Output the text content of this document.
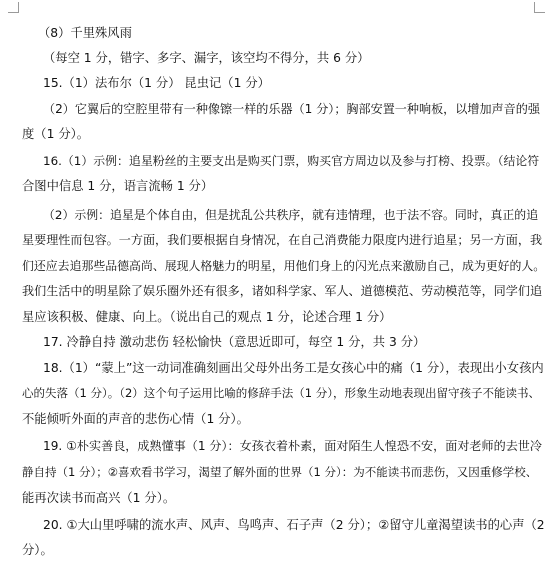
（8）千里殊风雨
（每空 1 分，错字、多字、漏字，该空均不得分，共 6 分）
15.（1）法布尔（1 分） 昆虫记（1 分）
（2）它翼后的空腔里带有一种像镲一样的乐器（1 分）；胸部安置一种响板，以增加声音的强
度（1 分）。
16.（1）示例：追星粉丝的主要支出是购买门票，购买官方周边以及参与打榜、投票。（结论符
合图中信息 1 分，语言流畅 1 分）
（2）示例：追星是个体自由，但是扰乱公共秩序，就有违情理，也于法不容。同时，真正的追
星要理性而包容。一方面，我们要根据自身情况，在自己消费能力限度内进行追星；另一方面，我
们还应去追那些品德高尚、展现人格魅力的明星，用他们身上的闪光点来激励自己，成为更好的人。
我们生活中的明星除了娱乐圈外还有很多，诸如科学家、军人、道德模范、劳动模范等，同学们追
星应该积极、健康、向上。（说出自己的观点 1 分，论述合理 1 分）
17. 冷静自持 激动悲伤 轻松愉快（意思近即可，每空 1 分，共 3 分）
18.（1）“蒙上”这一动词准确刻画出父母外出务工是女孩心中的痛（1 分），表现出小女孩内
心的失落（1 分）。（2）这个句子运用比喻的修辞手法（1 分），形象生动地表现出留守孩子不能读书、
不能倾听外面的声音的悲伤心情（1 分）。
19. ①朴实善良，成熟懂事（1 分）：女孩衣着朴素，面对陌生人惶恐不安，面对老师的去世冷
静自持（1 分）；②喜欢看书学习，渴望了解外面的世界（1 分）：为不能读书而悲伤，又因重修学校、
能再次读书而高兴（1 分）。
20. ①大山里呼啸的流水声、风声、鸟鸣声、石子声（2 分）；②留守儿童渴望读书的心声（2
分）。
